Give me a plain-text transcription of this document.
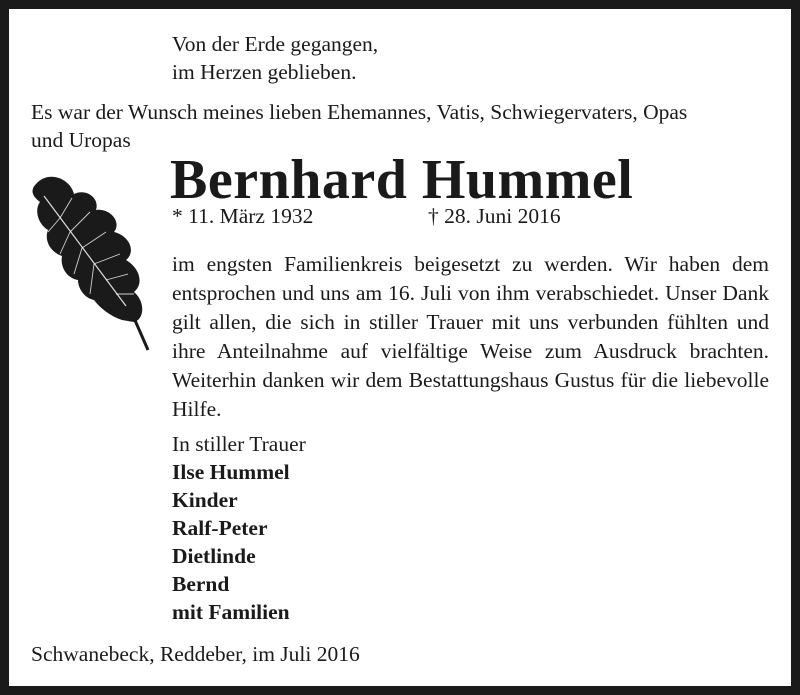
Von der Erde gegangen,

im Herzen geblieben.

Es war der Wunsch meines lieben Ehemannes, Vatis, Schwiegervaters, Opas

und Uropas

Bernhard Hummel

* 11. März 1932	† 28. Juni 2016

im engsten Familienkreis beigesetzt zu werden. Wir haben dem entsprochen und uns am 16. Juli von ihm verabschiedet. Unser Dank gilt allen, die sich in stiller Trauer mit uns verbunden fühlten und ihre Anteilnahme auf vielfältige Weise zum Ausdruck brachten. Weiterhin danken wir dem Bestattungshaus Gustus für die liebevolle Hilfe.

In stiller Trauer

Ilse Hummel

Kinder

Ralf-Peter

Dietlinde

Bernd

mit Familien

Schwanebeck, Reddeber, im Juli 2016
